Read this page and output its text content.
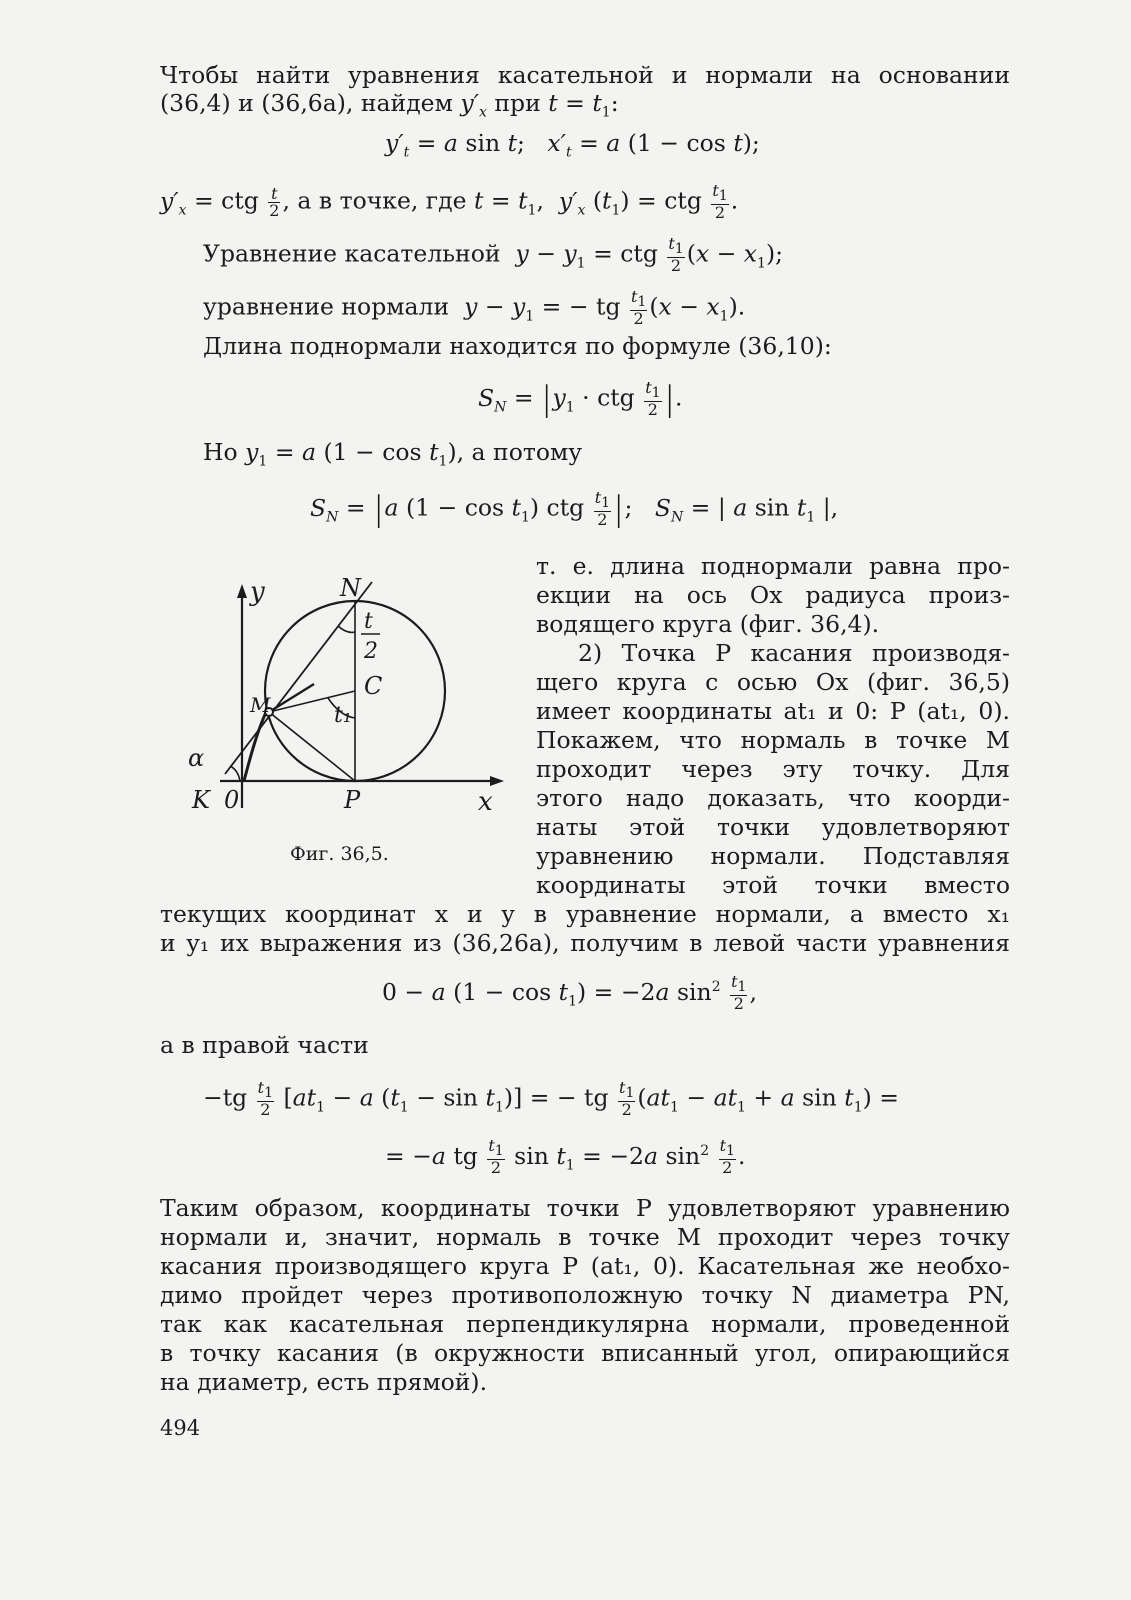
Чтобы найти уравнения касательной и нормали на основании
(36,4) и (36,6а), найдем $y'_x$ при $t = t_1$:
$y'_t = a$ sin t;   $x'_t = a$ (1 − cos t);
$y'_x$ = ctg $\frac{t}{2}$ , а в точке, где $t = t_1$,  $y'_x$ $(t_1)$ = ctg $\frac{t_1}{2}$ .
Уравнение касательной $y - y_1$ = ctg $\frac{t_1}{2} (x - x_1)$;
уравнение нормали $y - y_1$ = − tg $\frac{t_1}{2} (x - x_1)$.
Длина поднормали находится по формуле (36,10):
$S_N = |y_1$ · ctg $\frac{t_1}{2}$ |.
Но $y_1 = a$ $(1 - \cos t_1)$, а потому
$S_N = |a$ $(1 - \cos t_1)$ ctg $\frac{t_1}{2}$ |;   $S_N$ = | a $\sin t_1$ |,
y	N
t
2
C
t₁
M
α
K 0	P	x
Фиг. 36,5.
т. е. длина поднормали равна про-
екции на ось Ox радиуса произ-
водящего круга (фиг. 36,4).
2) Точка P касания производя-
щего круга с осью Ox (фиг. 36,5)
имеет координаты at₁ и 0: P (at₁, 0).
Покажем, что нормаль в точке M
проходит через эту точку. Для
этого надо доказать, что коорди-
наты этой точки удовлетворяют
уравнению нормали. Подставляя
координаты этой точки вместо
текущих координат x и y в уравнение нормали, а вместо x₁
и y₁ их выражения из (36,26а), получим в левой части уравнения
0 − a $(1 - \cos t_1) = -2a$ $\sin^2 \frac{t_1}{2}$ ,
а в правой части
$-tg \frac{t_1}{2} [at_1 - a$ $(t_1 - \sin t_1)$] = − tg $\frac{t_1}{2} (at_1 - at_1 + a$ $\sin t_1$) =
= −a tg $\frac{t_1}{2}$ $\sin t_1 = -2a$ $\sin^2 \frac{t_1}{2}$ .
Таким образом, координаты точки P удовлетворяют уравнению
нормали и, значит, нормаль в точке M проходит через точку
касания производящего круга P (at₁, 0). Касательная же необхо-
димо пройдет через противоположную точку N диаметра PN,
так как касательная перпендикулярна нормали, проведенной
в точку касания (в окружности вписанный угол, опирающийся
на диаметр, есть прямой).
494
